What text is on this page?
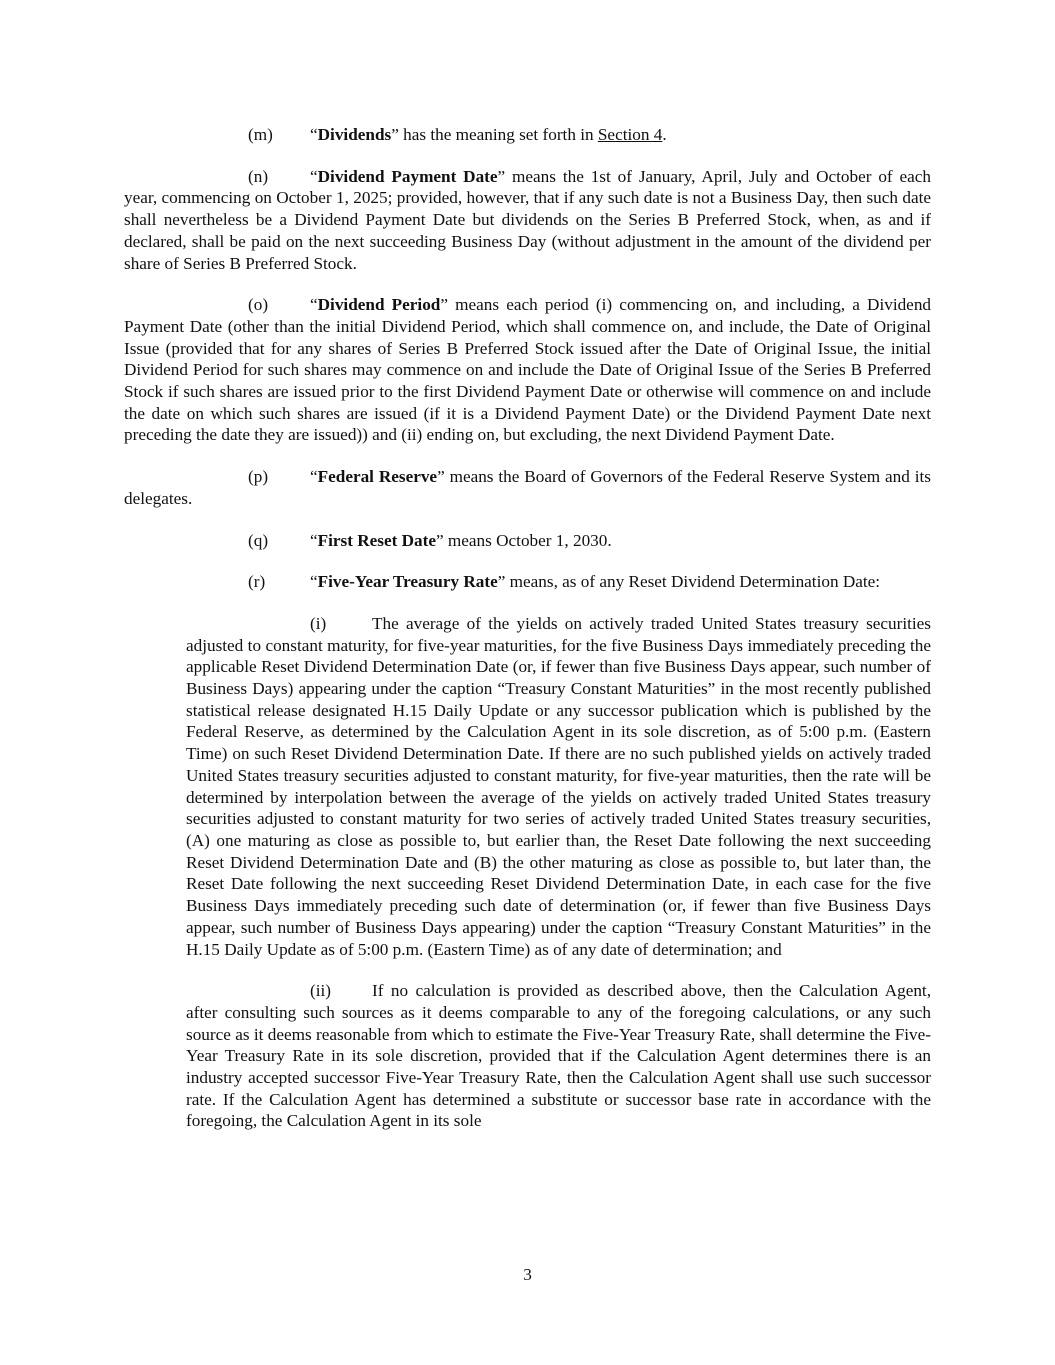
(m) “Dividends” has the meaning set forth in Section 4.

(n) “Dividend Payment Date” means the 1st of January, April, July and October of each year, commencing on October 1, 2025; provided, however, that if any such date is not a Business Day, then such date shall nevertheless be a Dividend Payment Date but dividends on the Series B Preferred Stock, when, as and if declared, shall be paid on the next succeeding Business Day (without adjustment in the amount of the dividend per share of Series B Preferred Stock.

(o) “Dividend Period” means each period (i) commencing on, and including, a Dividend Payment Date (other than the initial Dividend Period, which shall commence on, and include, the Date of Original Issue (provided that for any shares of Series B Preferred Stock issued after the Date of Original Issue, the initial Dividend Period for such shares may commence on and include the Date of Original Issue of the Series B Preferred Stock if such shares are issued prior to the first Dividend Payment Date or otherwise will commence on and include the date on which such shares are issued (if it is a Dividend Payment Date) or the Dividend Payment Date next preceding the date they are issued)) and (ii) ending on, but excluding, the next Dividend Payment Date.

(p) “Federal Reserve” means the Board of Governors of the Federal Reserve System and its delegates.

(q) “First Reset Date” means October 1, 2030.

(r)	“Five-Year Treasury Rate” means, as of any Reset Dividend Determination Date:

(i)	The average of the yields on actively traded United States treasury securities adjusted to constant maturity, for five-year maturities, for the five Business Days immediately preceding the applicable Reset Dividend Determination Date (or, if fewer than five Business Days appear, such number of Business Days) appearing under the caption “Treasury Constant Maturities” in the most recently published statistical release designated H.15 Daily Update or any successor publication which is published by the Federal Reserve, as determined by the Calculation Agent in its sole discretion, as of 5:00 p.m. (Eastern Time) on such Reset Dividend Determination Date. If there are no such published yields on actively traded United States treasury securities adjusted to constant maturity, for five-year maturities, then the rate will be determined by interpolation between the average of the yields on actively traded United States treasury securities adjusted to constant maturity for two series of actively traded United States treasury securities, (A) one maturing as close as possible to, but earlier than, the Reset Date following the next succeeding Reset Dividend Determination Date and (B) the other maturing as close as possible to, but later than, the Reset Date following the next succeeding Reset Dividend Determination Date, in each case for the five Business Days immediately preceding such date of determination (or, if fewer than five Business Days appear, such number of Business Days appearing) under the caption “Treasury Constant Maturities” in the H.15 Daily Update as of 5:00 p.m. (Eastern Time) as of any date of determination; and

(ii) If no calculation is provided as described above, then the Calculation Agent, after consulting such sources as it deems comparable to any of the foregoing calculations, or any such source as it deems reasonable from which to estimate the Five-Year Treasury Rate, shall determine the Five-Year Treasury Rate in its sole discretion, provided that if the Calculation Agent determines there is an industry accepted successor Five-Year Treasury Rate, then the Calculation Agent shall use such successor rate. If the Calculation Agent has determined a substitute or successor base rate in accordance with the foregoing, the Calculation Agent in its sole

3
